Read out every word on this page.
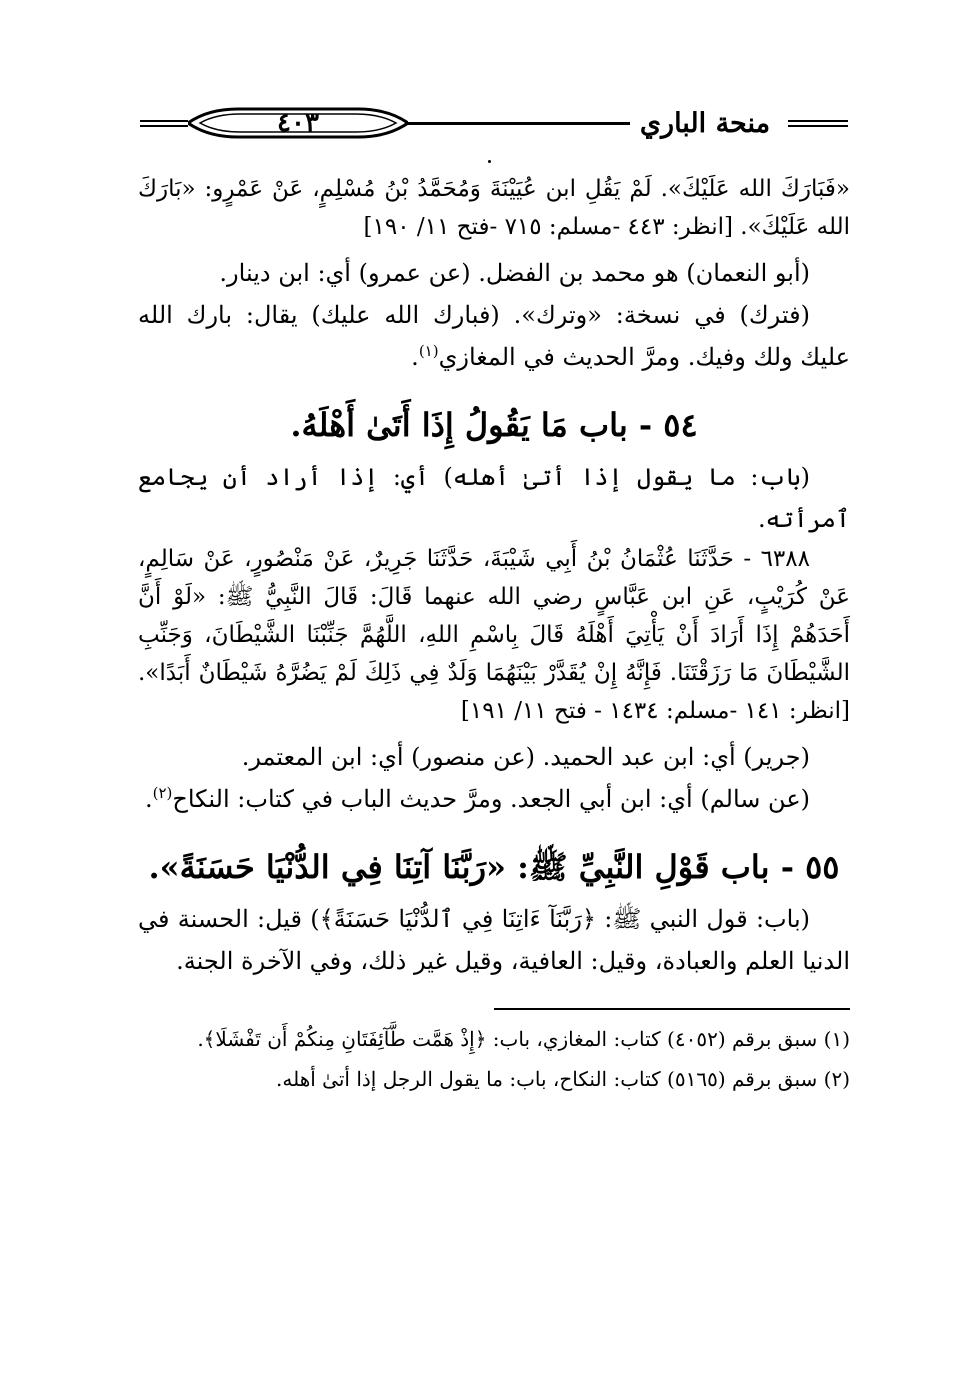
٤٠٣	منحة الباري

«فَبَارَكَ الله عَلَيْكَ». لَمْ يَقُلِ ابن عُيَيْنَةَ وَمُحَمَّدُ بْنُ مُسْلِمٍ، عَنْ عَمْرٍو: «بَارَكَ الله عَلَيْكَ». [انظر: ٤٤٣ -مسلم: ٧١٥ -فتح ١١/ ١٩٠]

(أبو النعمان) هو محمد بن الفضل. (عن عمرو) أي: ابن دينار.

(فترك) في نسخة: «وترك». (فبارك الله عليك) يقال: بارك الله عليك ولك وفيك. ومرَّ الحديث في المغازي$^{(١)}$.

٥٤ - باب مَا يَقُولُ إِذَا أَتَىٰ أَهْلَهُ.

(باب: ما يقول إذا أتىٰ أهله) أي: إذا أراد أن يجامع ٱمرأته.

٦٣٨٨ - حَدَّثَنَا عُثْمَانُ بْنُ أَبِي شَيْبَةَ، حَدَّثَنَا جَرِيرٌ، عَنْ مَنْصُورٍ، عَنْ سَالِمٍ، عَنْ كُرَيْبٍ، عَنِ ابن عَبَّاسٍ رضي الله عنهما قَالَ: قَالَ النَّبِيُّ ﷺ: «لَوْ أَنَّ أَحَدَهُمْ إِذَا أَرَادَ أَنْ يَأْتِيَ أَهْلَهُ قَالَ بِاسْمِ اللهِ، اللَّهُمَّ جَنِّبْنَا الشَّيْطَانَ، وَجَنِّبِ الشَّيْطَانَ مَا رَزَقْتَنَا. فَإِنَّهُ إِنْ يُقَدَّرْ بَيْنَهُمَا وَلَدٌ فِي ذَلِكَ لَمْ يَضُرَّهُ شَيْطَانٌ أَبَدًا». [انظر: ١٤١ -مسلم: ١٤٣٤ - فتح ١١/ ١٩١]

(جرير) أي: ابن عبد الحميد. (عن منصور) أي: ابن المعتمر.

(عن سالم) أي: ابن أبي الجعد. ومرَّ حديث الباب في كتاب: النكاح$^{(٢)}$.

٥٥ - باب قَوْلِ النَّبِيِّ ﷺ: «رَبَّنَا آتِنَا فِي الدُّنْيَا حَسَنَةً».

(باب: قول النبي ﷺ: ﴿رَبَّنَآ ءَاتِنَا فِي ٱلدُّنْيَا حَسَنَةً﴾) قيل: الحسنة في الدنيا العلم والعبادة، وقيل: العافية، وقيل غير ذلك، وفي الآخرة الجنة.

(١) سبق برقم (٤٠٥٢) كتاب: المغازي، باب: ﴿إِذْ هَمَّت طَّآئِفَتَانِ مِنكُمْ أَن تَفْشَلَا﴾.

(٢) سبق برقم (٥١٦٥) كتاب: النكاح، باب: ما يقول الرجل إذا أتىٰ أهله.
